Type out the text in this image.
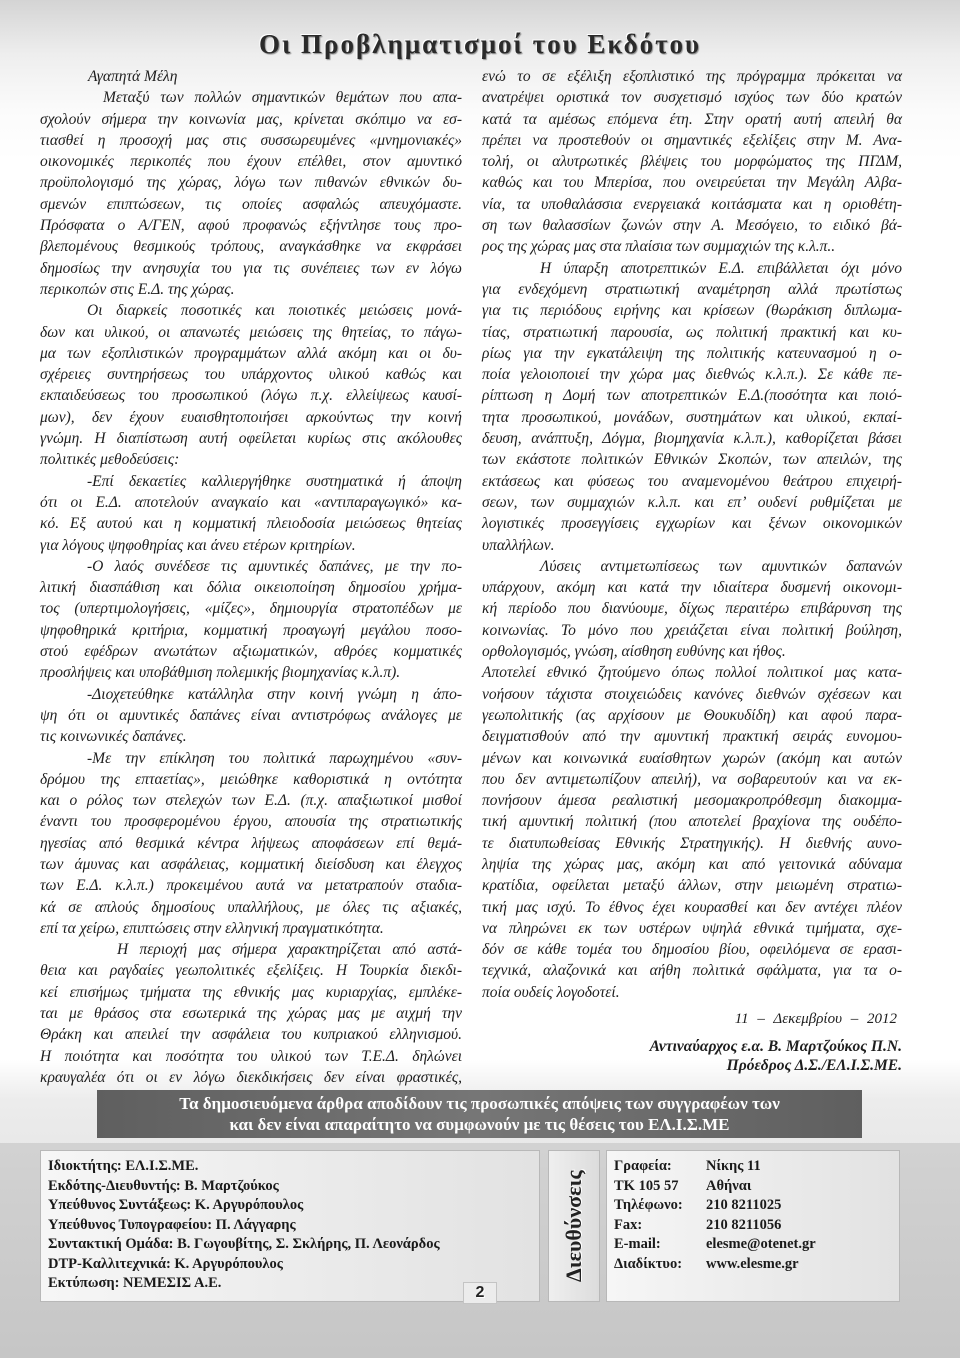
Οι Προβληματισμοί του Εκδότου
Αγαπητά Μέλη
Μεταξύ των πολλών σημαντικών θεμάτων που απα-
σχολούν σήμερα την κοινωνία μας, κρίνεται σκόπιμο να εσ-
τιασθεί η προσοχή μας στις συσσωρευμένες «μνημονιακές»
οικονομικές περικοπές που έχουν επέλθει, στον αμυντικό
προϋπολογισμό της χώρας, λόγω των πιθανών εθνικών δυ-
σμενών επιπτώσεων, τις οποίες ασφαλώς απευχόμαστε.
Πρόσφατα ο Α/ΓΕΝ, αφού προφανώς εξήντλησε τους προ-
βλεπομένους θεσμικούς τρόπους, αναγκάσθηκε να εκφράσει
δημοσίως την ανησυχία του για τις συνέπειες των εν λόγω
περικοπών στις Ε.Δ. της χώρας.
Οι διαρκείς ποσοτικές και ποιοτικές μειώσεις μονά-
δων και υλικού, οι απανωτές μειώσεις της θητείας, το πάγω-
μα των εξοπλιστικών προγραμμάτων αλλά ακόμη και οι δυ-
σχέρειες συντηρήσεως του υπάρχοντος υλικού καθώς και
εκπαιδεύσεως του προσωπικού (λόγω π.χ. ελλείψεως καυσί-
μων), δεν έχουν ευαισθητοποιήσει αρκούντως την κοινή
γνώμη. Η διαπίστωση αυτή οφείλεται κυρίως στις ακόλουθες
πολιτικές μεθοδεύσεις:
-Επί δεκαετίες καλλιεργήθηκε συστηματικά ή άποψη
ότι οι Ε.Δ. αποτελούν αναγκαίο και «αντιπαραγωγικό» κα-
κό. Εξ αυτού και η κομματική πλειοδοσία μειώσεως θητείας
για λόγους ψηφοθηρίας και άνευ ετέρων κριτηρίων.
-Ο λαός συνέδεσε τις αμυντικές δαπάνες, με την πο-
λιτική διασπάθιση και δόλια οικειοποίηση δημοσίου χρήμα-
τος (υπερτιμολογήσεις, «μίζες», δημιουργία στρατοπέδων με
ψηφοθηρικά κριτήρια, κομματική προαγωγή μεγάλου ποσο-
στού εφέδρων ανωτάτων αξιωματικών, αθρόες κομματικές
προσλήψεις και υποβάθμιση πολεμικής βιομηχανίας κ.λ.π).
-Διοχετεύθηκε κατάλληλα στην κοινή γνώμη η άπο-
ψη ότι οι αμυντικές δαπάνες είναι αντιστρόφως ανάλογες με
τις κοινωνικές δαπάνες.
-Με την επίκληση του πολιτικά παρωχημένου «συν-
δρόμου της επταετίας», μειώθηκε καθοριστικά η οντότητα
και ο ρόλος των στελεχών των Ε.Δ. (π.χ. απαξιωτικοί μισθοί
έναντι του προσφερομένου έργου, απουσία της στρατιωτικής
ηγεσίας από θεσμικά κέντρα λήψεως αποφάσεων επί θεμά-
των άμυνας και ασφάλειας, κομματική διείσδυση και έλεγχος
των Ε.Δ. κ.λ.π.) προκειμένου αυτά να μετατραπούν σταδια-
κά σε απλούς δημοσίους υπαλλήλους, με όλες τις αξιακές,
επί τα χείρω, επιπτώσεις στην ελληνική πραγματικότητα.
Η περιοχή μας σήμερα χαρακτηρίζεται από αστά-
θεια και ραγδαίες γεωπολιτικές εξελίξεις. Η Τουρκία διεκδι-
κεί επισήμως τμήματα της εθνικής μας κυριαρχίας, εμπλέκε-
ται με θράσος στα εσωτερικά της χώρας μας με αιχμή την
Θράκη και απειλεί την ασφάλεια του κυπριακού ελληνισμού.
Η ποιότητα και ποσότητα του υλικού των Τ.Ε.Δ. δηλώνει
κραυγαλέα ότι οι εν λόγω διεκδικήσεις δεν είναι φραστικές,
ενώ το σε εξέλιξη εξοπλιστικό της πρόγραμμα πρόκειται να
ανατρέψει οριστικά τον συσχετισμό ισχύος των δύο κρατών
κατά τα αμέσως επόμενα έτη. Στην ορατή αυτή απειλή θα
πρέπει να προστεθούν οι σημαντικές εξελίξεις στην Μ. Ανα-
τολή, οι αλυτρωτικές βλέψεις του μορφώματος της ΠΓΔΜ,
καθώς και του Μπερίσα, που ονειρεύεται την Μεγάλη Αλβα-
νία, τα υποθαλάσσια ενεργειακά κοιτάσματα και η οριοθέτη-
ση των θαλασσίων ζωνών στην Α. Μεσόγειο, το ειδικό βά-
ρος της χώρας μας στα πλαίσια των συμμαχιών της κ.λ.π..
Η ύπαρξη αποτρεπτικών Ε.Δ. επιβάλλεται όχι μόνο
για ενδεχόμενη στρατιωτική αναμέτρηση αλλά πρωτίστως
για τις περιόδους ειρήνης και κρίσεων (θωράκιση διπλωμα-
τίας, στρατιωτική παρουσία, ως πολιτική πρακτική και κυ-
ρίως για την εγκατάλειψη της πολιτικής κατευνασμού η ο-
ποία γελοιοποιεί την χώρα μας διεθνώς κ.λ.π.). Σε κάθε πε-
ρίπτωση η Δομή των αποτρεπτικών Ε.Δ.(ποσότητα και ποιό-
τητα προσωπικού, μονάδων, συστημάτων και υλικού, εκπαί-
δευση, ανάπτυξη, Δόγμα, βιομηχανία κ.λ.π.), καθορίζεται βάσει
των εκάστοτε πολιτικών Εθνικών Σκοπών, των απειλών, της
εκτάσεως και φύσεως του αναμενομένου θεάτρου επιχειρή-
σεων, των συμμαχιών κ.λ.π. και επ’ ουδενί ρυθμίζεται με
λογιστικές προσεγγίσεις εγχωρίων και ξένων οικονομικών
υπαλλήλων.
Λύσεις αντιμετωπίσεως των αμυντικών δαπανών
υπάρχουν, ακόμη και κατά την ιδιαίτερα δυσμενή οικονομι-
κή περίοδο που διανύουμε, δίχως περαιτέρω επιβάρυνση της
κοινωνίας. Το μόνο που χρειάζεται είναι πολιτική βούληση,
ορθολογισμός, γνώση, αίσθηση ευθύνης και ήθος.
Αποτελεί εθνικό ζητούμενο όπως πολλοί πολιτικοί μας κατα-
νοήσουν τάχιστα στοιχειώδεις κανόνες διεθνών σχέσεων και
γεωπολιτικής (ας αρχίσουν με Θουκυδίδη) και αφού παρα-
δειγματισθούν από την αμυντική πρακτική σειράς ευνομου-
μένων και κοινωνικά ευαίσθητων χωρών (ακόμη και αυτών
που δεν αντιμετωπίζουν απειλή), να σοβαρευτούν και να εκ-
πονήσουν άμεσα ρεαλιστική μεσομακροπρόθεσμη διακομμα-
τική αμυντική πολιτική (που αποτελεί βραχίονα της ουδέπο-
τε διατυπωθείσας Εθνικής Στρατηγικής). Η διεθνής αυνο-
ληψία της χώρας μας, ακόμη και από γειτονικά αδύναμα
κρατίδια, οφείλεται μεταξύ άλλων, στην μειωμένη στρατιω-
τική μας ισχύ. Το έθνος έχει κουρασθεί και δεν αντέχει πλέον
να πληρώνει εκ των υστέρων υψηλά εθνικά τιμήματα, σχε-
δόν σε κάθε τομέα του δημοσίου βίου, οφειλόμενα σε ερασι-
τεχνικά, αλαζονικά και αήθη πολιτικά σφάλματα, για τα ο-
ποία ουδείς λογοδοτεί.
11 – Δεκεμβρίου – 2012
Αντιναύαρχος ε.α. Β. Μαρτζούκος Π.Ν.
Πρόεδρος Δ.Σ./ΕΛ.Ι.Σ.ΜΕ.
Τα δημοσιευόμενα άρθρα αποδίδουν τις προσωπικές απόψεις των συγγραφέων των
και δεν είναι απαραίτητο να συμφωνούν με τις θέσεις του ΕΛ.Ι.Σ.ΜΕ
Ιδιοκτήτης: ΕΛ.Ι.Σ.ΜΕ.
Εκδότης-Διευθυντής: Β. Μαρτζούκος
Υπεύθυνος Συντάξεως: Κ. Αργυρόπουλος
Υπεύθυνος Τυπογραφείου: Π. Λάγγαρης
Συντακτική Ομάδα: Β. Γωγουβίτης, Σ. Σκλήρης, Π. Λεονάρδος
DTP-Καλλιτεχνικά: Κ. Αργυρόπουλος
Εκτύπωση: ΝΕΜΕΣΙΣ Α.Ε.
2
Διευθύνσεις
Γραφεία: Νίκης 11
ΤΚ 105 57 Αθήναι
Τηλέφωνο: 210 8211025
Fax:	210 8211056
E-mail:	elesme@otenet.gr
Διαδίκτυο: www.elesme.gr
